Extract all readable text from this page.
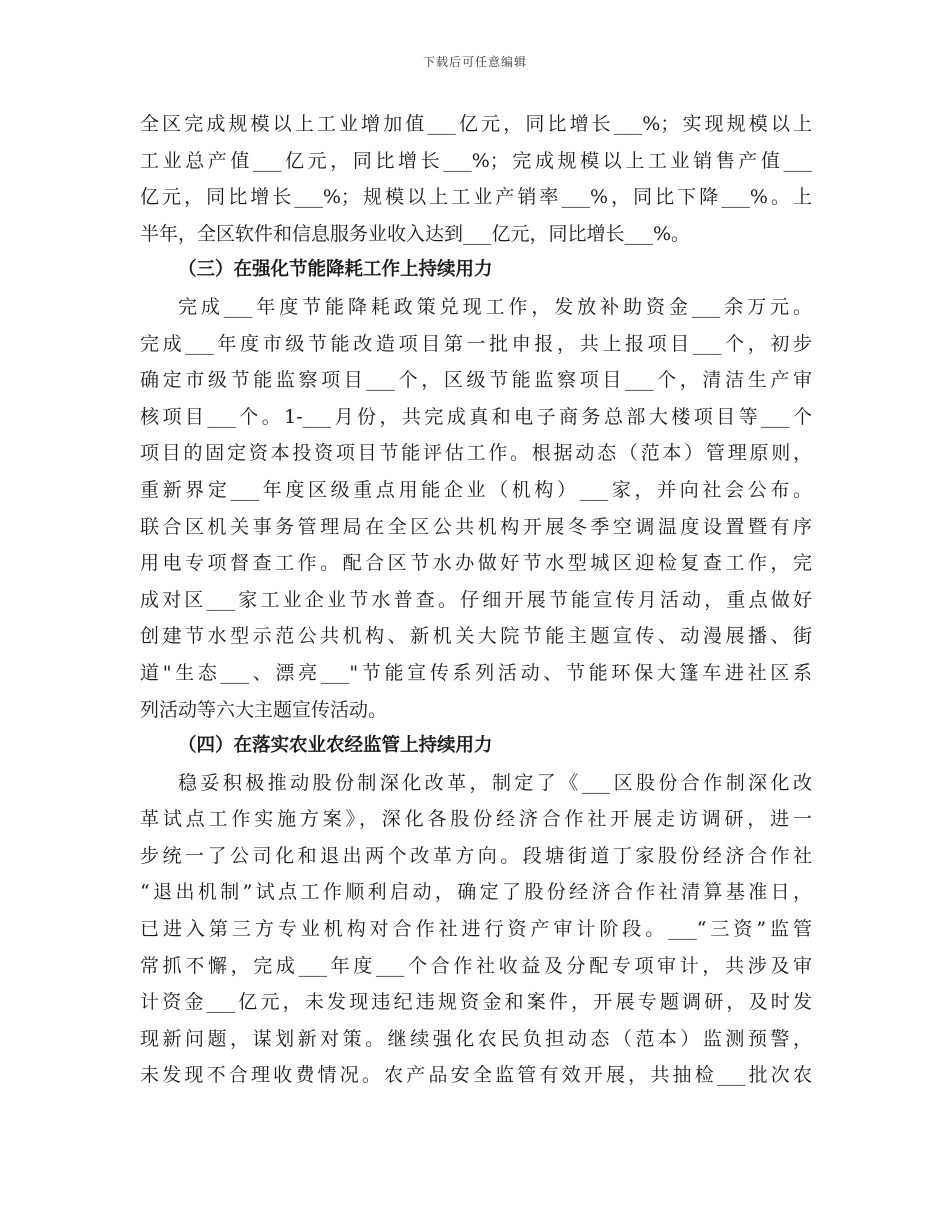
下载后可任意编辑
全区完成规模以上工业增加值___亿元，同比增长___%；实现规模以上
工业总产值___亿元，同比增长___%；完成规模以上工业销售产值___
亿元，同比增长___%；规模以上工业产销率___%，同比下降___%。上
半年，全区软件和信息服务业收入达到___亿元，同比增长___%。
（三）在强化节能降耗工作上持续用力
完成___年度节能降耗政策兑现工作，发放补助资金___余万元。
完成___年度市级节能改造项目第一批申报，共上报项目___个，初步
确定市级节能监察项目___个，区级节能监察项目___个，清洁生产审
核项目___个。1-___月份，共完成真和电子商务总部大楼项目等___个
项目的固定资本投资项目节能评估工作。根据动态（范本）管理原则，
重新界定___年度区级重点用能企业（机构）___家，并向社会公布。
联合区机关事务管理局在全区公共机构开展冬季空调温度设置暨有序
用电专项督查工作。配合区节水办做好节水型城区迎检复查工作，完
成对区___家工业企业节水普查。仔细开展节能宣传月活动，重点做好
创建节水型示范公共机构、新机关大院节能主题宣传、动漫展播、街
道"生态___、漂亮___"节能宣传系列活动、节能环保大篷车进社区系
列活动等六大主题宣传活动。
（四）在落实农业农经监管上持续用力
稳妥积极推动股份制深化改革，制定了《___区股份合作制深化改
革试点工作实施方案》，深化各股份经济合作社开展走访调研，进一
步统一了公司化和退出两个改革方向。段塘街道丁家股份经济合作社
“退出机制”试点工作顺利启动，确定了股份经济合作社清算基准日，
已进入第三方专业机构对合作社进行资产审计阶段。___“三资”监管
常抓不懈，完成___年度___个合作社收益及分配专项审计，共涉及审
计资金___亿元，未发现违纪违规资金和案件，开展专题调研，及时发
现新问题，谋划新对策。继续强化农民负担动态（范本）监测预警，
未发现不合理收费情况。农产品安全监管有效开展，共抽检___批次农
